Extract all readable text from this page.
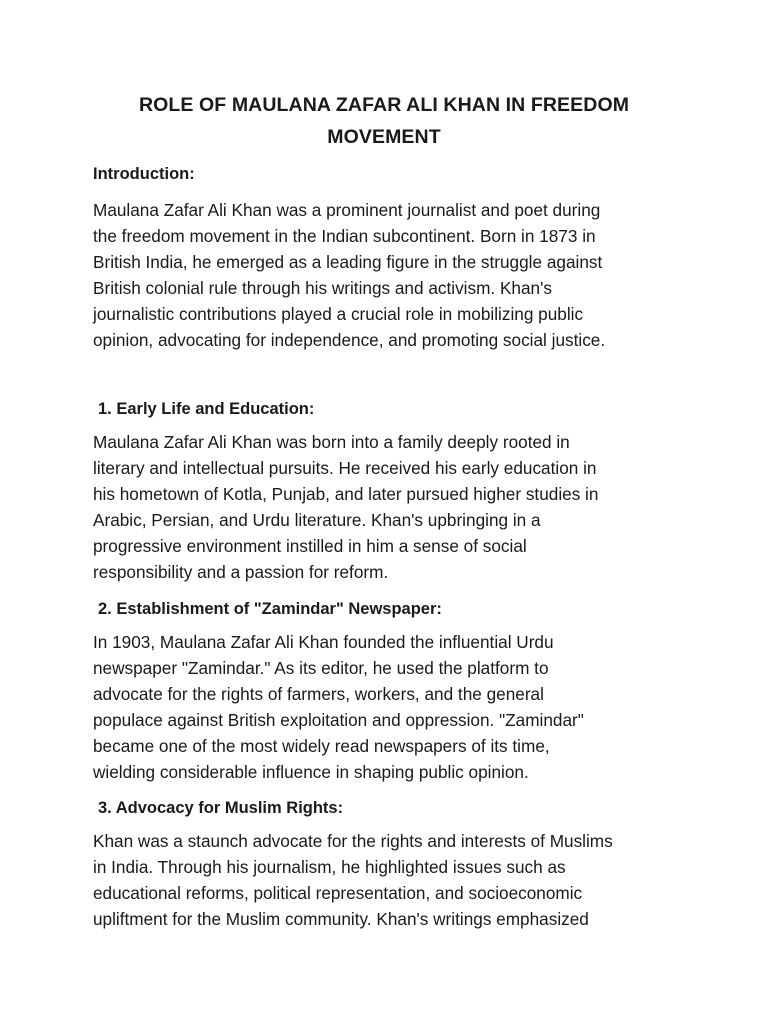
ROLE OF MAULANA ZAFAR ALI KHAN IN FREEDOM MOVEMENT
Introduction:
Maulana Zafar Ali Khan was a prominent journalist and poet during
the freedom movement in the Indian subcontinent. Born in 1873 in
British India, he emerged as a leading figure in the struggle against
British colonial rule through his writings and activism. Khan's
journalistic contributions played a crucial role in mobilizing public
opinion, advocating for independence, and promoting social justice.
1. Early Life and Education:
Maulana Zafar Ali Khan was born into a family deeply rooted in
literary and intellectual pursuits. He received his early education in
his hometown of Kotla, Punjab, and later pursued higher studies in
Arabic, Persian, and Urdu literature. Khan's upbringing in a
progressive environment instilled in him a sense of social
responsibility and a passion for reform.
2. Establishment of "Zamindar" Newspaper:
In 1903, Maulana Zafar Ali Khan founded the influential Urdu
newspaper "Zamindar." As its editor, he used the platform to
advocate for the rights of farmers, workers, and the general
populace against British exploitation and oppression. "Zamindar"
became one of the most widely read newspapers of its time,
wielding considerable influence in shaping public opinion.
3. Advocacy for Muslim Rights:
Khan was a staunch advocate for the rights and interests of Muslims
in India. Through his journalism, he highlighted issues such as
educational reforms, political representation, and socioeconomic
upliftment for the Muslim community. Khan's writings emphasized
